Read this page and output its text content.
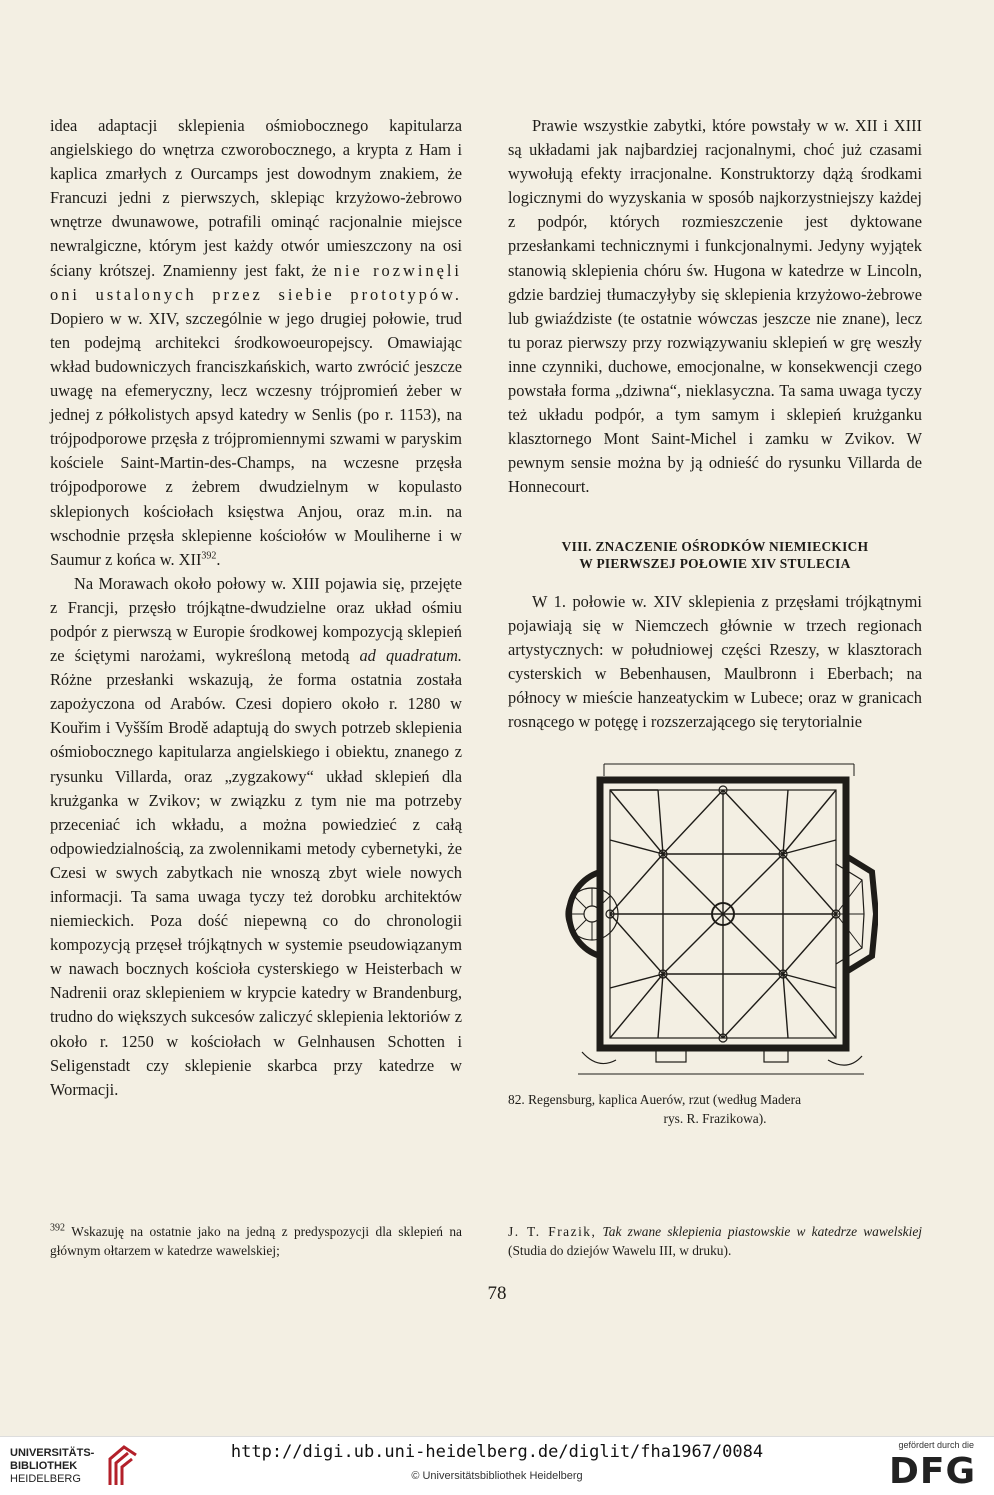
idea adaptacji sklepienia ośmiobocznego kapitularza angielskiego do wnętrza czworobocznego, a krypta z Ham i kaplica zmarłych z Ourcamps jest dowodnym znakiem, że Francuzi jedni z pierwszych, sklepiąc krzyżowo-żebrowo wnętrze dwunawowe, potrafili ominąć racjonalnie miejsce newralgiczne, którym jest każdy otwór umieszczony na osi ściany krótszej. Znamienny jest fakt, że nie rozwinęli oni ustalonych przez siebie prototypów. Dopiero w w. XIV, szczególnie w jego drugiej połowie, trud ten podejmą architekci środkowoeuropejscy. Omawiając wkład budowniczych franciszkańskich, warto zwrócić jeszcze uwagę na efemeryczny, lecz wczesny trójpromień żeber w jednej z półkolistych apsyd katedry w Senlis (po r. 1153), na trójpodporowe przęsła z trójpromiennymi szwami w paryskim kościele Saint-Martin-des-Champs, na wczesne przęsła trójpodporowe z żebrem dwudzielnym w kopulasto sklepionych kościołach księstwa Anjou, oraz m.in. na wschodnie przęsła sklepienne kościołów w Mouliherne i w Saumur z końca w. XII$^{392}$.

Na Morawach około połowy w. XIII pojawia się, przejęte z Francji, przęsło trójkątne-dwudzielne oraz układ ośmiu podpór z pierwszą w Europie środkowej kompozycją sklepień ze ściętymi narożami, wykreśloną metodą ad quadratum. Różne przesłanki wskazują, że forma ostatnia została zapożyczona od Arabów. Czesi dopiero około r. 1280 w Kouřim i Vyšším Brodě adaptują do swych potrzeb sklepienia ośmiobocznego kapitularza angielskiego i obiektu, znanego z rysunku Villarda, oraz „zygzakowy“ układ sklepień dla krużganka w Zvikov; w związku z tym nie ma potrzeby przeceniać ich wkładu, a można powiedzieć z całą odpowiedzialnością, za zwolennikami metody cybernetyki, że Czesi w swych zabytkach nie wnoszą zbyt wiele nowych informacji. Ta sama uwaga tyczy też dorobku architektów niemieckich. Poza dość niepewną co do chronologii kompozycją przęseł trójkątnych w systemie pseudowiązanym w nawach bocznych kościoła cysterskiego w Heisterbach w Nadrenii oraz sklepieniem w krypcie katedry w Brandenburg, trudno do większych sukcesów zaliczyć sklepienia lektoriów z około r. 1250 w kościołach w Gelnhausen Schotten i Seligenstadt czy sklepienie skarbca przy katedrze w Wormacji.

Prawie wszystkie zabytki, które powstały w w. XII i XIII są układami jak najbardziej racjonalnymi, choć już czasami wywołują efekty irracjonalne. Konstruktorzy dążą środkami logicznymi do wyzyskania w sposób najkorzystniejszy każdej z podpór, których rozmieszczenie jest dyktowane przesłankami technicznymi i funkcjonalnymi. Jedyny wyjątek stanowią sklepienia chóru św. Hugona w katedrze w Lincoln, gdzie bardziej tłumaczyłyby się sklepienia krzyżowo-żebrowe lub gwiaździste (te ostatnie wówczas jeszcze nie znane), lecz tu poraz pierwszy przy rozwiązywaniu sklepień w grę weszły inne czynniki, duchowe, emocjonalne, w konsekwencji czego powstała forma „dziwna“, nieklasyczna. Ta sama uwaga tyczy też układu podpór, a tym samym i sklepień krużganku klasztornego Mont Saint-Michel i zamku w Zvikov. W pewnym sensie można by ją odnieść do rysunku Villarda de Honnecourt.

VIII. ZNACZENIE OŚRODKÓW NIEMIECKICH
W PIERWSZEJ POŁOWIE XIV STULECIA

W 1. połowie w. XIV sklepienia z przęsłami trójkątnymi pojawiają się w Niemczech głównie w trzech regionach artystycznych: w południowej części Rzeszy, w klasztorach cysterskich w Bebenhausen, Maulbronn i Eberbach; na północy w mieście hanzeatyckim w Lubece; oraz w granicach rosnącego w potęgę i rozszerzającego się terytorialnie

82. Regensburg, kaplica Auerów, rzut (według Madera
rys. R. Frazikowa).

$^{392}$ Wskazuję na ostatnie jako na jedną z predyspozycji dla sklepień na głównym ołtarzem w katedrze wawelskiej;
J. T. Frazik, Tak zwane sklepienia piastowskie w katedrze wawelskiej (Studia do dziejów Wawelu III, w druku).
78
UNIVERSITÄTS-
BIBLIOTHEK
HEIDELBERG
http://digi.ub.uni-heidelberg.de/diglit/fha1967/0084
© Universitätsbibliothek Heidelberg
gefördert durch die
DFG
